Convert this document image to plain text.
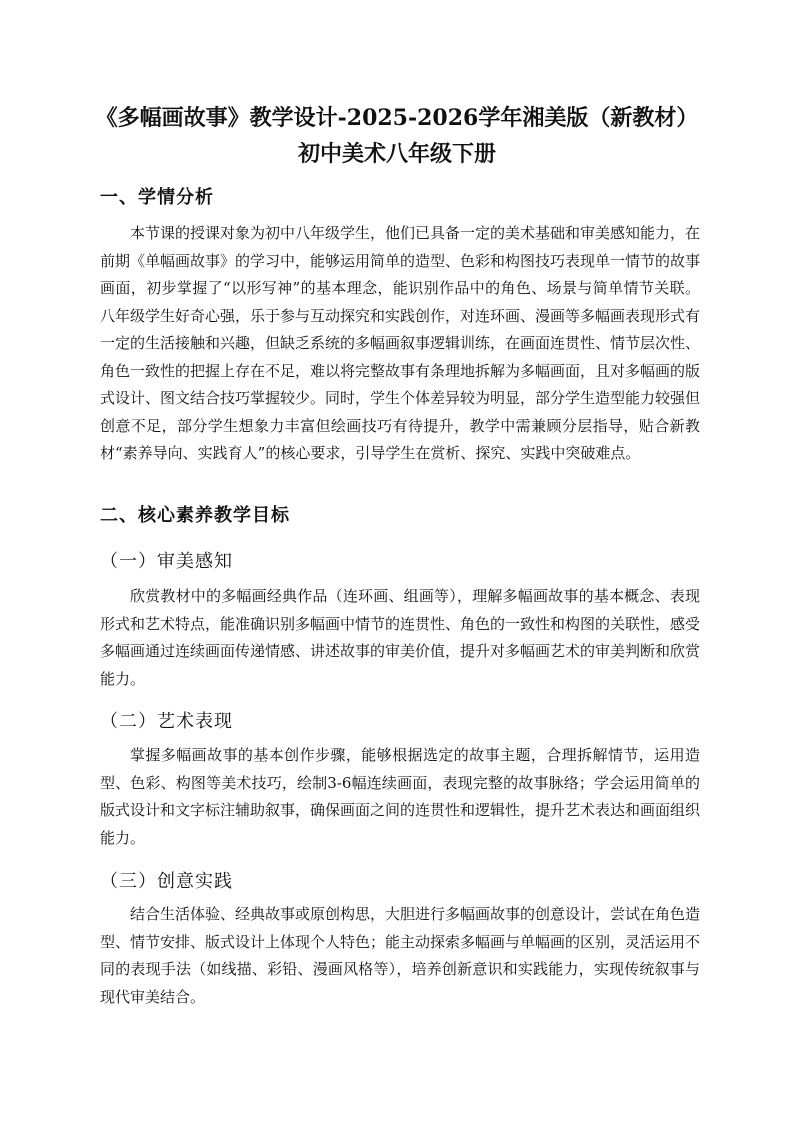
《多幅画故事》教学设计-2025-2026学年湘美版（新教材）初中美术八年级下册
一、学情分析
本节课的授课对象为初中八年级学生，他们已具备一定的美术基础和审美感知能力，在前期《单幅画故事》的学习中，能够运用简单的造型、色彩和构图技巧表现单一情节的故事画面，初步掌握了“以形写神”的基本理念，能识别作品中的角色、场景与简单情节关联。八年级学生好奇心强，乐于参与互动探究和实践创作，对连环画、漫画等多幅画表现形式有一定的生活接触和兴趣，但缺乏系统的多幅画叙事逻辑训练，在画面连贯性、情节层次性、角色一致性的把握上存在不足，难以将完整故事有条理地拆解为多幅画面，且对多幅画的版式设计、图文结合技巧掌握较少。同时，学生个体差异较为明显，部分学生造型能力较强但创意不足，部分学生想象力丰富但绘画技巧有待提升，教学中需兼顾分层指导，贴合新教材“素养导向、实践育人”的核心要求，引导学生在赏析、探究、实践中突破难点。
二、核心素养教学目标
（一）审美感知
欣赏教材中的多幅画经典作品（连环画、组画等），理解多幅画故事的基本概念、表现形式和艺术特点，能准确识别多幅画中情节的连贯性、角色的一致性和构图的关联性，感受多幅画通过连续画面传递情感、讲述故事的审美价值，提升对多幅画艺术的审美判断和欣赏能力。
（二）艺术表现
掌握多幅画故事的基本创作步骤，能够根据选定的故事主题，合理拆解情节，运用造型、色彩、构图等美术技巧，绘制3-6幅连续画面，表现完整的故事脉络；学会运用简单的版式设计和文字标注辅助叙事，确保画面之间的连贯性和逻辑性，提升艺术表达和画面组织能力。
（三）创意实践
结合生活体验、经典故事或原创构思，大胆进行多幅画故事的创意设计，尝试在角色造型、情节安排、版式设计上体现个人特色；能主动探索多幅画与单幅画的区别，灵活运用不同的表现手法（如线描、彩铅、漫画风格等），培养创新意识和实践能力，实现传统叙事与现代审美结合。
